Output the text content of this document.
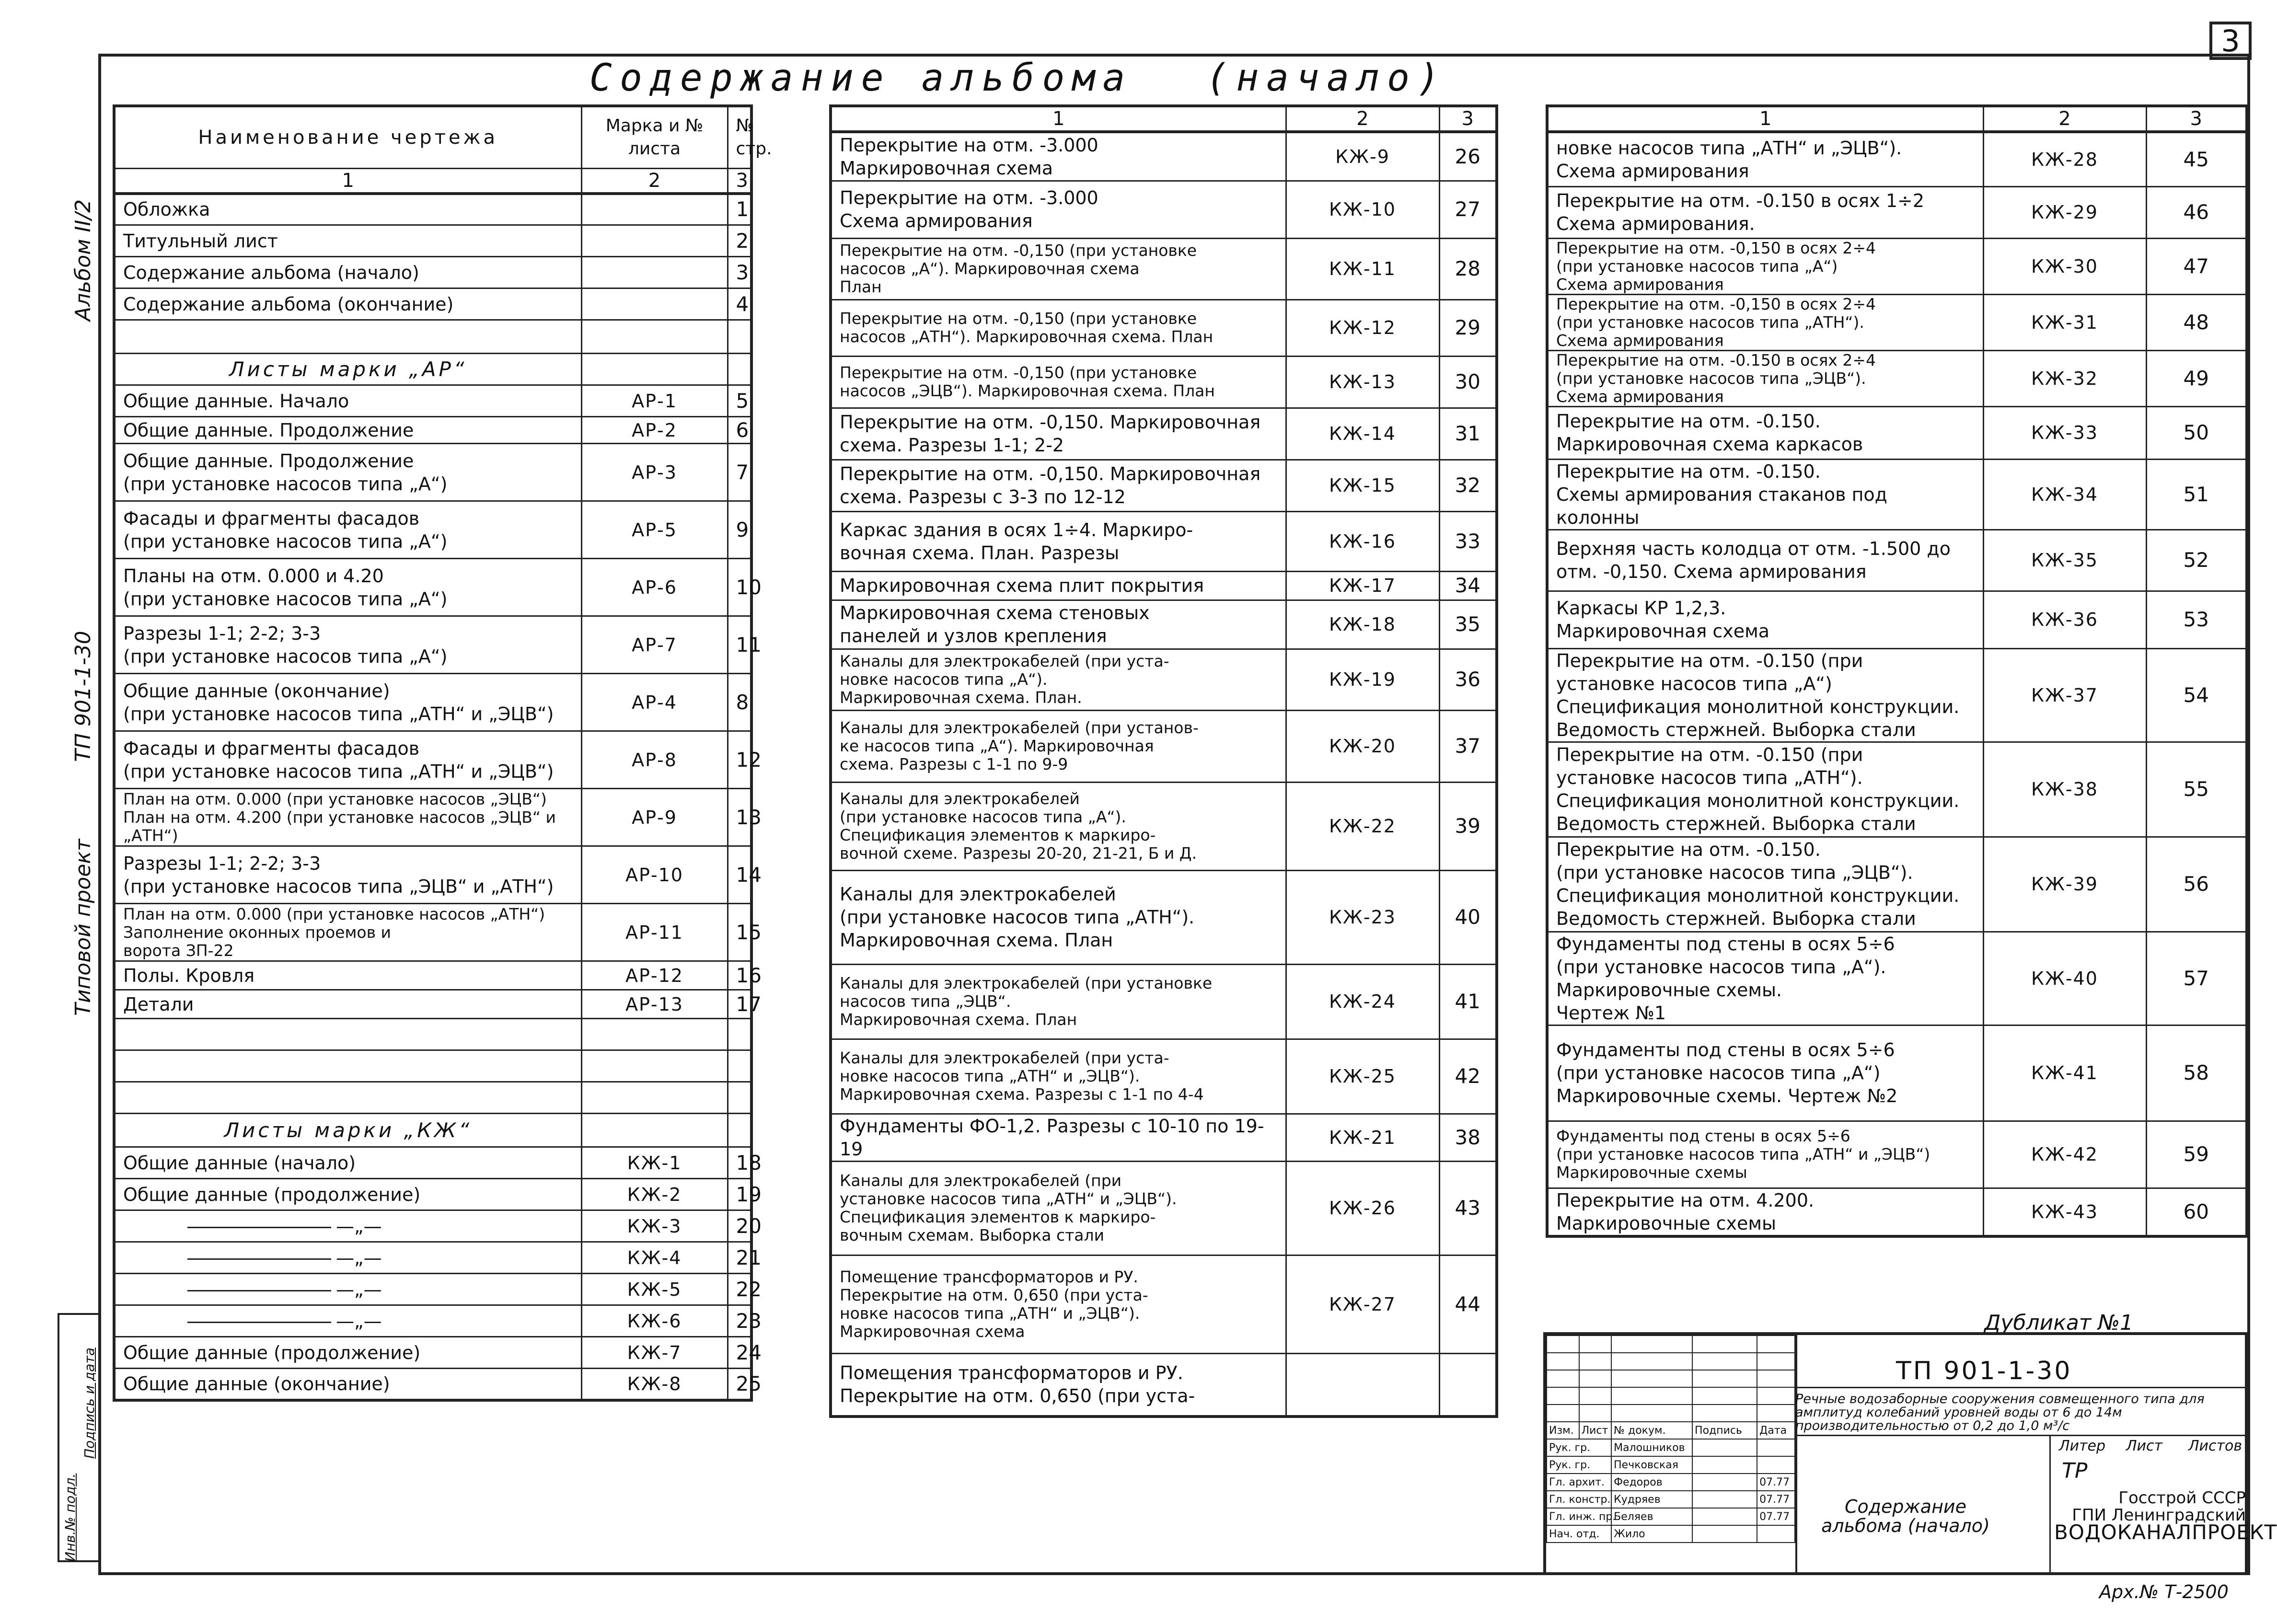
3
Содержание альбома (начало)
Альбом II/2
ТП 901-1-30
Типовой проект
Инв.№ подл.
Подпись и дата
Наименование чертежа	Марка и № листа	№ стр.
1	2	3
Обложка		1
Титульный лист		2
Содержание альбома (начало)		3
Содержание альбома (окончание)		4

Листы марки „АР“		
Общие данные. Начало	АР-1	5
Общие данные. Продолжение	АР-2	6
Общие данные. Продолжение
(при установке насосов типа „А“)	АР-3	7
Фасады и фрагменты фасадов
(при установке насосов типа „А“)	АР-5	9
Планы на отм. 0.000 и 4.20
(при установке насосов типа „А“)	АР-6	10
Разрезы 1-1; 2-2; 3-3
(при установке насосов типа „А“)	АР-7	11
Общие данные (окончание)
(при установке насосов типа „АТН“ и „ЭЦВ“)	АР-4	8
Фасады и фрагменты фасадов
(при установке насосов типа „АТН“ и „ЭЦВ“)	АР-8	12
План на отм. 0.000 (при установке насосов „ЭЦВ“)
План на отм. 4.200 (при установке насосов „ЭЦВ“ и „АТН“)	АР-9	13
Разрезы 1-1; 2-2; 3-3
(при установке насосов типа „ЭЦВ“ и „АТН“)	АР-10	14
План на отм. 0.000 (при установке насосов „АТН“)
Заполнение оконных проемов и
ворота ЗП-22	АР-11	15
Полы. Кровля	АР-12	16
Детали	АР-13	17

Листы марки „КЖ“		
Общие данные (начало)	КЖ-1	18
Общие данные (продолжение)	КЖ-2	19
—„—	КЖ-3	20
—„—	КЖ-4	21
—„—	КЖ-5	22
—„—	КЖ-6	23
Общие данные (продолжение)	КЖ-7	24
Общие данные (окончание)	КЖ-8	25
1	2	3
Перекрытие на отм. -3.000
Маркировочная схема	КЖ-9	26
Перекрытие на отм. -3.000
Схема армирования	КЖ-10	27
Перекрытие на отм. -0,150 (при установке
насосов „А“). Маркировочная схема
План	КЖ-11	28
Перекрытие на отм. -0,150 (при установке
насосов „АТН“). Маркировочная схема. План	КЖ-12	29
Перекрытие на отм. -0,150 (при установке
насосов „ЭЦВ“). Маркировочная схема. План	КЖ-13	30
Перекрытие на отм. -0,150. Маркировочная
схема. Разрезы 1-1; 2-2	КЖ-14	31
Перекрытие на отм. -0,150. Маркировочная
схема. Разрезы с 3-3 по 12-12	КЖ-15	32
Каркас здания в осях 1÷4. Маркиро-
вочная схема. План. Разрезы	КЖ-16	33
Маркировочная схема плит покрытия	КЖ-17	34
Маркировочная схема стеновых
панелей и узлов крепления	КЖ-18	35
Каналы для электрокабелей (при уста-
новке насосов типа „А“).
Маркировочная схема. План.	КЖ-19	36
Каналы для электрокабелей (при установ-
ке насосов типа „А“). Маркировочная
схема. Разрезы с 1-1 по 9-9	КЖ-20	37
Каналы для электрокабелей
(при установке насосов типа „А“).
Спецификация элементов к маркиро-
вочной схеме. Разрезы 20-20, 21-21, Б и Д.	КЖ-22	39
Каналы для электрокабелей
(при установке насосов типа „АТН“).
Маркировочная схема. План	КЖ-23	40
Каналы для электрокабелей (при установке
насосов типа „ЭЦВ“.
Маркировочная схема. План	КЖ-24	41
Каналы для электрокабелей (при уста-
новке насосов типа „АТН“ и „ЭЦВ“).
Маркировочная схема. Разрезы с 1-1 по 4-4	КЖ-25	42
Фундаменты ФО-1,2. Разрезы с 10-10 по 19-19	КЖ-21	38
Каналы для электрокабелей (при
установке насосов типа „АТН“ и „ЭЦВ“).
Спецификация элементов к маркиро-
вочным схемам. Выборка стали	КЖ-26	43
Помещение трансформаторов и РУ.
Перекрытие на отм. 0,650 (при уста-
новке насосов типа „АТН“ и „ЭЦВ“).
Маркировочная схема	КЖ-27	44
Помещения трансформаторов и РУ.
Перекрытие на отм. 0,650 (при уста-		
1	2	3
новке насосов типа „АТН“ и „ЭЦВ“).
Схема армирования	КЖ-28	45
Перекрытие на отм. -0.150 в осях 1÷2
Схема армирования.	КЖ-29	46
Перекрытие на отм. -0,150 в осях 2÷4
(при установке насосов типа „А“)
Схема армирования	КЖ-30	47
Перекрытие на отм. -0,150 в осях 2÷4
(при установке насосов типа „АТН“).
Схема армирования	КЖ-31	48
Перекрытие на отм. -0.150 в осях 2÷4
(при установке насосов типа „ЭЦВ“).
Схема армирования	КЖ-32	49
Перекрытие на отм. -0.150.
Маркировочная схема каркасов	КЖ-33	50
Перекрытие на отм. -0.150.
Схемы армирования стаканов под колонны	КЖ-34	51
Верхняя часть колодца от отм. -1.500 до
отм. -0,150. Схема армирования	КЖ-35	52
Каркасы КР 1,2,3.
Маркировочная схема	КЖ-36	53
Перекрытие на отм. -0.150 (при
установке насосов типа „А“)
Спецификация монолитной конструкции.
Ведомость стержней. Выборка стали	КЖ-37	54
Перекрытие на отм. -0.150 (при
установке насосов типа „АТН“).
Спецификация монолитной конструкции.
Ведомость стержней. Выборка стали	КЖ-38	55
Перекрытие на отм. -0.150.
(при установке насосов типа „ЭЦВ“).
Спецификация монолитной конструкции.
Ведомость стержней. Выборка стали	КЖ-39	56
Фундаменты под стены в осях 5÷6
(при установке насосов типа „А“).
Маркировочные схемы.
Чертеж №1	КЖ-40	57
Фундаменты под стены в осях 5÷6
(при установке насосов типа „А“)
Маркировочные схемы. Чертеж №2	КЖ-41	58
Фундаменты под стены в осях 5÷6
(при установке насосов типа „АТН“ и „ЭЦВ“)
Маркировочные схемы	КЖ-42	59
Перекрытие на отм. 4.200.
Маркировочные схемы	КЖ-43	60
Дубликат №1

Изм.	Лист	№ докум.	Подпись	Дата
Рук. гр.		Малошников		
Рук. гр.		Печковская		
Гл. архит.		Федоров		07.77
Гл. констр.		Кудряев		07.77
Гл. инж. пр.		Беляев		07.77
Нач. отд.		Жило		
ТП 901-1-30
Речные водозаборные сооружения совмещенного типа для амплитуд колебаний уровней воды от 6 до 14м производительностью от 0,2 до 1,0 м³/с
Содержание альбома (начало)
Литер Лист Листов
ТР
Госстрой СССР
ГПИ Ленинградский
ВОДОКАНАЛПРОЕКТ
Арх.№ Т-2500
